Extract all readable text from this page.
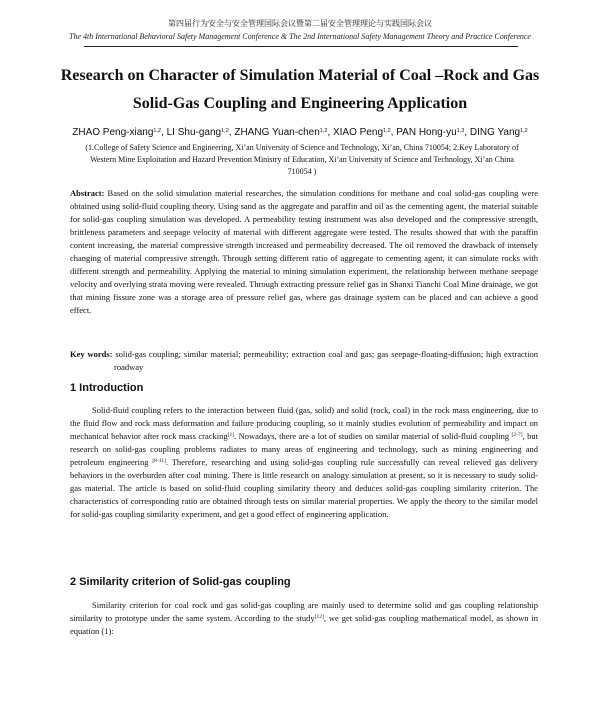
第四届行为安全与安全管理国际会议暨第二届安全管理理论与实践国际会议
The 4th International Behavioral Safety Management Conference & The 2nd International Safety Management Theory and Practice Conference
Research on Character of Simulation Material of Coal –Rock and Gas
Solid-Gas Coupling and Engineering Application
ZHAO Peng-xiang$^{1,2}$, LI Shu-gang$^{1,2}$, ZHANG Yuan-chen$^{1,2}$, XIAO Peng$^{1,2}$, PAN Hong-yu$^{1,3}$, DING Yang$^{1,2}$
(1.College of Safety Science and Engineering, Xi’an University of Science and Technology, Xi’an, China 710054; 2.Key Laboratory of Western Mine Exploitation and Hazard Prevention Ministry of Education, Xi’an University of Science and Technology, Xi’an China 710054 )
Abstract: Based on the solid simulation material researches, the simulation conditions for methane and coal solid-gas coupling were obtained using solid-fluid coupling theory. Using sand as the aggregate and paraffin and oil as the cementing agent, the material suitable for solid-gas coupling simulation was developed. A permeability testing instrument was also developed and the compressive strength, brittleness parameters and seepage velocity of material with different aggregate were tested. The results showed that with the paraffin content increasing, the material compressive strength increased and permeability decreased. The oil removed the drawback of intensely changing of material compressive strength. Through setting different ratio of aggregate to cementing agent, it can simulate rocks with different strength and permeability. Applying the material to mining simulation experiment, the relationship between methane seepage velocity and overlying strata moving were revealed. Through extracting pressure relief gas in Shanxi Tianchi Coal Mine drainage, we got that mining fissure zone was a storage area of pressure relief gas, where gas drainage system can be placed and can achieve a good effect.
Key words: solid-gas coupling; similar material; permeability; extraction coal and gas; gas seepage-floating-diffusion; high extraction roadway
1 Introduction
Solid-fluid coupling refers to the interaction between fluid (gas, solid) and solid (rock, coal) in the rock mass engineering, due to the fluid flow and rock mass deformation and failure producing coupling, so it mainly studies evolution of permeability and impact on mechanical behavior after rock mass cracking[1]. Nowadays, there are a lot of studies on similar material of solid-fluid coupling [2-7], but research on solid-gas coupling problems radiates to many areas of engineering and technology, such as mining engineering and petroleum engineering [8-11]. Therefore, researching and using solid-gas coupling rule successfully can reveal relieved gas delivery behaviors in the overburden after coal mining. There is little research on analogy simulation at present, so it is necessary to study solid-gas material. The article is based on solid-fluid coupling similarity theory and deduces solid-gas coupling similarity criterion. The characteristics of corresponding ratio are obtained through tests on similar material properties. We apply the theory to the similar model for solid-gas coupling similarity experiment, and get a good effect of engineering application.
2 Similarity criterion of Solid-gas coupling
Similarity criterion for coal rock and gas solid-gas coupling are mainly used to determine solid and gas coupling relationship similarity to prototype under the same system. According to the study[12], we get solid-gas coupling mathematical model, as shown in equation (1):
